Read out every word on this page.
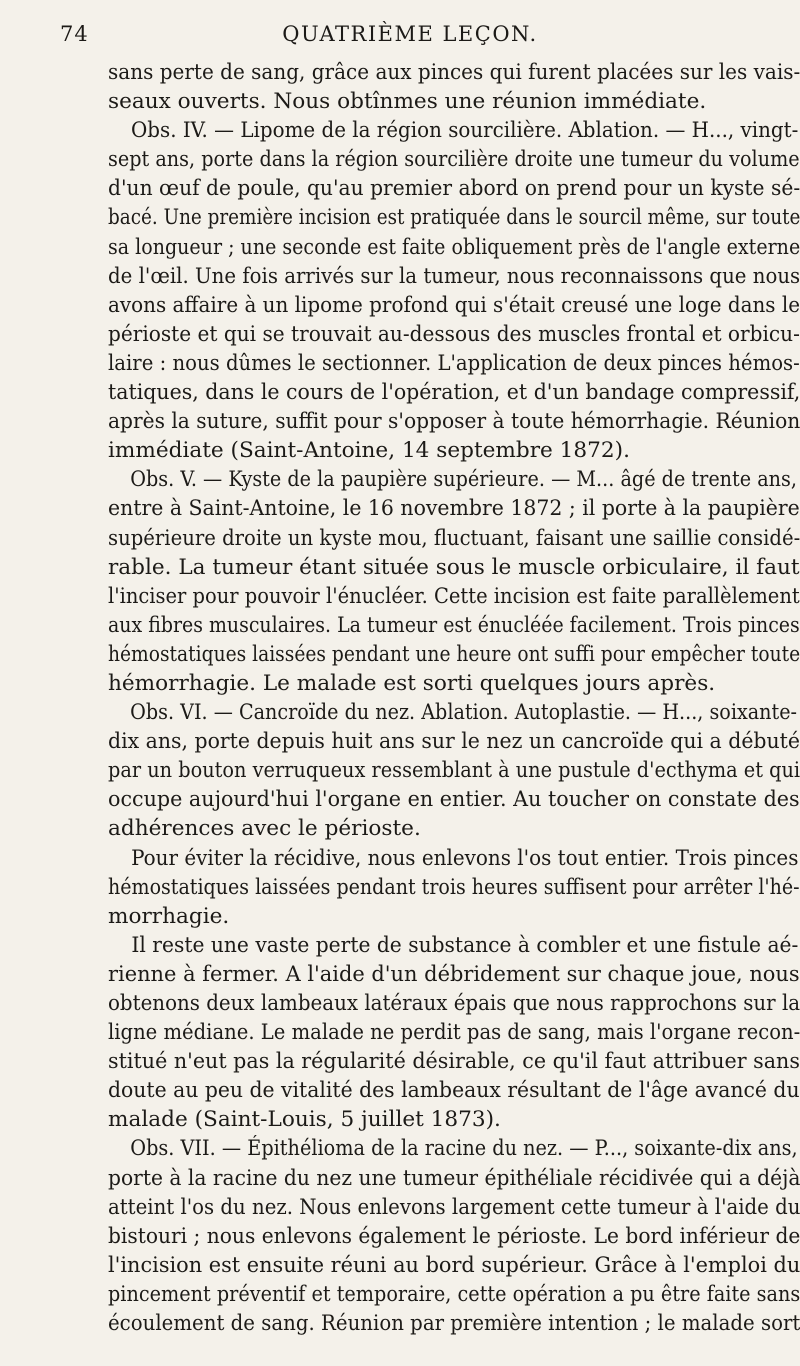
74	QUATRIÈME LEÇON.
sans perte de sang, grâce aux pinces qui furent placées sur les vais-
seaux ouverts. Nous obtînmes une réunion immédiate.
Obs. IV. — Lipome de la région sourcilière. Ablation. — H..., vingt-
sept ans, porte dans la région sourcilière droite une tumeur du volume
d'un œuf de poule, qu'au premier abord on prend pour un kyste sé-
bacé. Une première incision est pratiquée dans le sourcil même, sur toute
sa longueur ; une seconde est faite obliquement près de l'angle externe
de l'œil. Une fois arrivés sur la tumeur, nous reconnaissons que nous
avons affaire à un lipome profond qui s'était creusé une loge dans le
périoste et qui se trouvait au-dessous des muscles frontal et orbicu-
laire : nous dûmes le sectionner. L'application de deux pinces hémos-
tatiques, dans le cours de l'opération, et d'un bandage compressif,
après la suture, suffit pour s'opposer à toute hémorrhagie. Réunion
immédiate (Saint-Antoine, 14 septembre 1872).
Obs. V. — Kyste de la paupière supérieure. — M... âgé de trente ans,
entre à Saint-Antoine, le 16 novembre 1872 ; il porte à la paupière
supérieure droite un kyste mou, fluctuant, faisant une saillie considé-
rable. La tumeur étant située sous le muscle orbiculaire, il faut
l'inciser pour pouvoir l'énucléer. Cette incision est faite parallèlement
aux fibres musculaires. La tumeur est énucléée facilement. Trois pinces
hémostatiques laissées pendant une heure ont suffi pour empêcher toute
hémorrhagie. Le malade est sorti quelques jours après.
Obs. VI. — Cancroïde du nez. Ablation. Autoplastie. — H..., soixante-
dix ans, porte depuis huit ans sur le nez un cancroïde qui a débuté
par un bouton verruqueux ressemblant à une pustule d'ecthyma et qui
occupe aujourd'hui l'organe en entier. Au toucher on constate des
adhérences avec le périoste.
Pour éviter la récidive, nous enlevons l'os tout entier. Trois pinces
hémostatiques laissées pendant trois heures suffisent pour arrêter l'hé-
morrhagie.
Il reste une vaste perte de substance à combler et une fistule aé-
rienne à fermer. A l'aide d'un débridement sur chaque joue, nous
obtenons deux lambeaux latéraux épais que nous rapprochons sur la
ligne médiane. Le malade ne perdit pas de sang, mais l'organe recon-
stitué n'eut pas la régularité désirable, ce qu'il faut attribuer sans
doute au peu de vitalité des lambeaux résultant de l'âge avancé du
malade (Saint-Louis, 5 juillet 1873).
Obs. VII. — Épithélioma de la racine du nez. — P..., soixante-dix ans,
porte à la racine du nez une tumeur épithéliale récidivée qui a déjà
atteint l'os du nez. Nous enlevons largement cette tumeur à l'aide du
bistouri ; nous enlevons également le périoste. Le bord inférieur de
l'incision est ensuite réuni au bord supérieur. Grâce à l'emploi du
pincement préventif et temporaire, cette opération a pu être faite sans
écoulement de sang. Réunion par première intention ; le malade sort
